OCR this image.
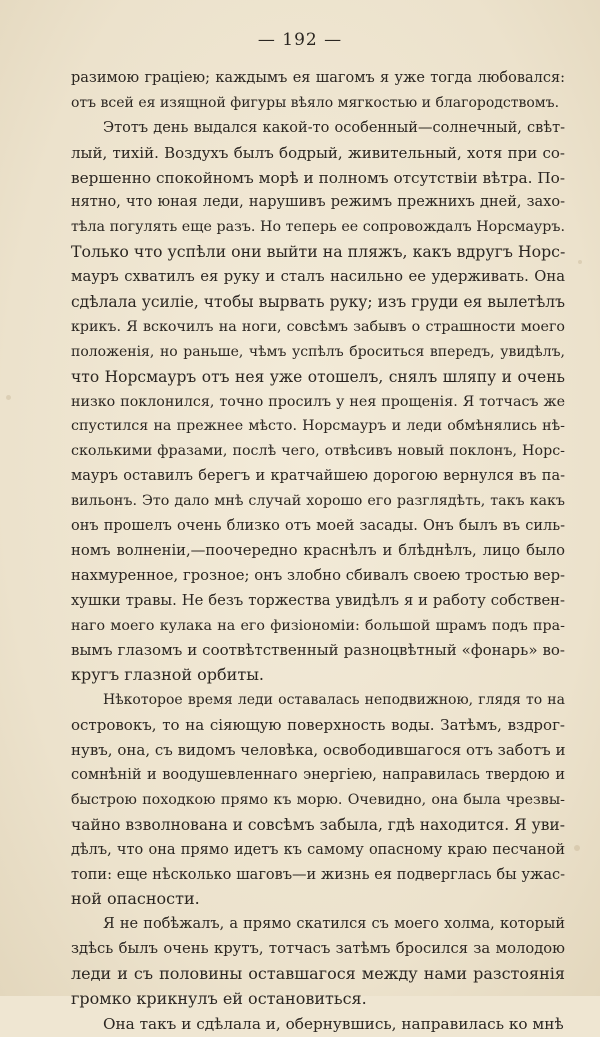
— 192 —
разимою граціею; каждымъ ея шагомъ я уже тогда любовался:
отъ всей ея изящной фигуры вѣяло мягкостью и благородствомъ.
Этотъ день выдался какой-то особенный—солнечный, свѣт-
лый, тихій. Воздухъ былъ бодрый, живительный, хотя при со-
вершенно спокойномъ морѣ и полномъ отсутствіи вѣтра. По-
нятно, что юная леди, нарушивъ режимъ прежнихъ дней, захо-
тѣла погулять еще разъ. Но теперь ее сопровождалъ Норсмауръ.
Только что успѣли они выйти на пляжъ, какъ вдругъ Норс-
мауръ схватилъ ея руку и сталъ насильно ее удерживать. Она
сдѣлала усиліе, чтобы вырвать руку; изъ груди ея вылетѣлъ
крикъ. Я вскочилъ на ноги, совсѣмъ забывъ о страшности моего
положенія, но раньше, чѣмъ успѣлъ броситься впередъ, увидѣлъ,
что Норсмауръ отъ нея уже отошелъ, снялъ шляпу и очень
низко поклонился, точно просилъ у нея прощенія. Я тотчасъ же
спустился на прежнее мѣсто. Норсмауръ и леди обмѣнялись нѣ-
сколькими фразами, послѣ чего, отвѣсивъ новый поклонъ, Норс-
мауръ оставилъ берегъ и кратчайшею дорогою вернулся въ па-
вильонъ. Это дало мнѣ случай хорошо его разглядѣть, такъ какъ
онъ прошелъ очень близко отъ моей засады. Онъ былъ въ силь-
номъ волненіи,—поочередно краснѣлъ и блѣднѣлъ, лицо было
нахмуренное, грозное; онъ злобно сбивалъ своею тростью вер-
хушки травы. Не безъ торжества увидѣлъ я и работу собствен-
наго моего кулака на его физіономіи: большой шрамъ подъ пра-
вымъ глазомъ и соотвѣтственный разноцвѣтный «фонарь» во-
кругъ глазной орбиты.
Нѣкоторое время леди оставалась неподвижною, глядя то на
островокъ, то на сіяющую поверхность воды. Затѣмъ, вздрог-
нувъ, она, съ видомъ человѣка, освободившагося отъ заботъ и
сомнѣній и воодушевленнаго энергіею, направилась твердою и
быстрою походкою прямо къ морю. Очевидно, она была чрезвы-
чайно взволнована и совсѣмъ забыла, гдѣ находится. Я уви-
дѣлъ, что она прямо идетъ къ самому опасному краю песчаной
топи: еще нѣсколько шаговъ—и жизнь ея подверглась бы ужас-
ной опасности.
Я не побѣжалъ, а прямо скатился съ моего холма, который
здѣсь былъ очень крутъ, тотчасъ затѣмъ бросился за молодою
леди и съ половины оставшагося между нами разстоянія
громко крикнулъ ей остановиться.
Она такъ и сдѣлала и, обернувшись, направилась ко мнѣ
